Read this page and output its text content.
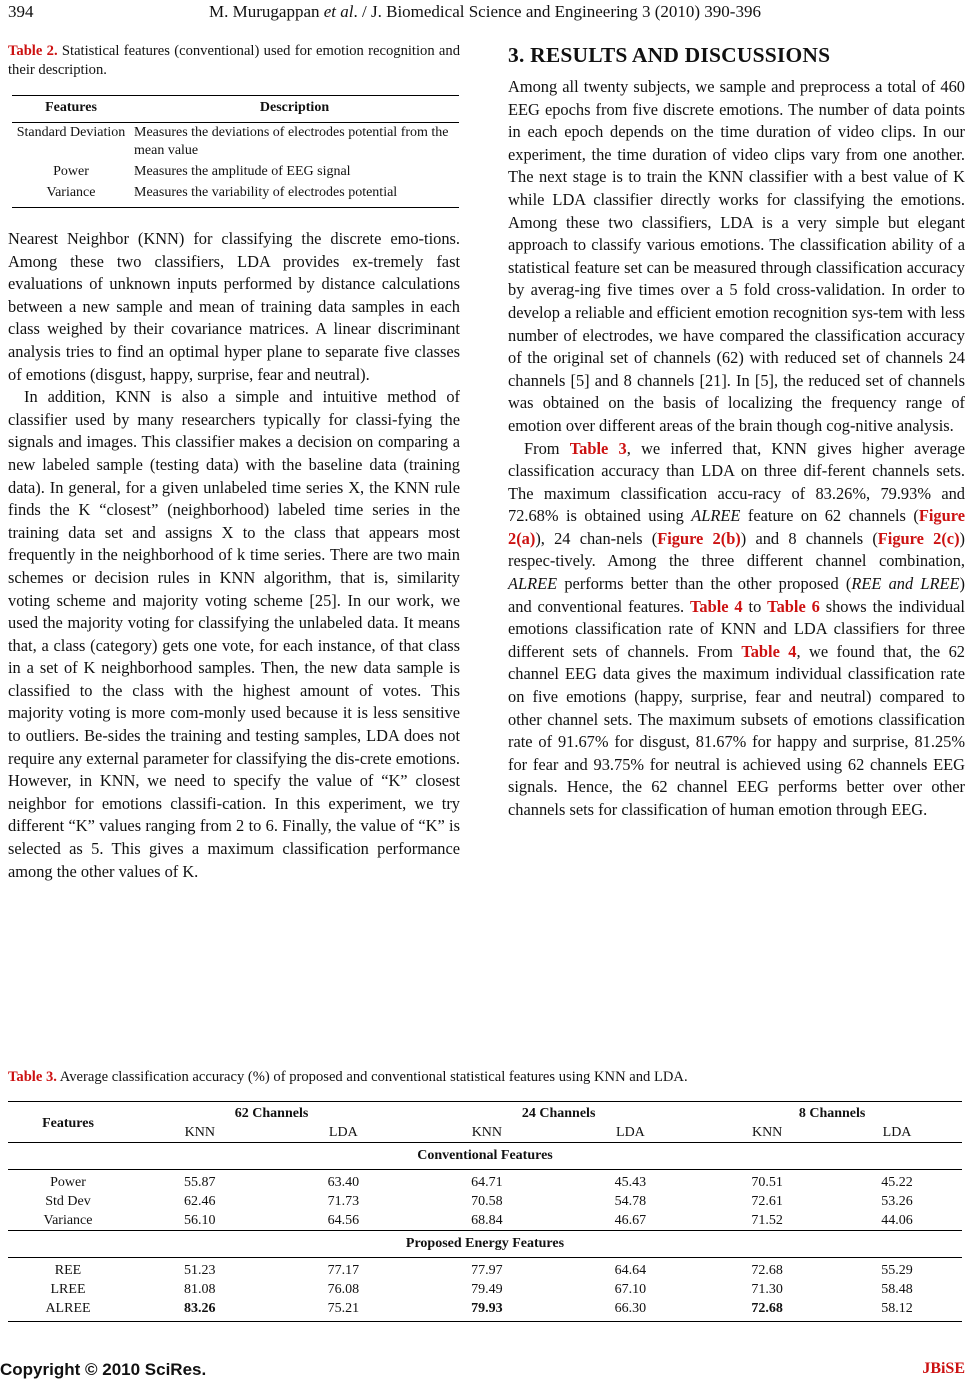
394	M. Murugappan et al. / J. Biomedical Science and Engineering 3 (2010) 390-396
Table 2. Statistical features (conventional) used for emotion recognition and their description.
Features	Description
Standard Deviation	Measures the deviations of electrodes potential from the mean value
Power	Measures the amplitude of EEG signal
Variance	Measures the variability of electrodes potential

Nearest Neighbor (KNN) for classifying the discrete emo-tions. Among these two classifiers, LDA provides ex-tremely fast evaluations of unknown inputs performed by distance calculations between a new sample and mean of training data samples in each class weighed by their covariance matrices. A linear discriminant analysis tries to find an optimal hyper plane to separate five classes of emotions (disgust, happy, surprise, fear and neutral).

In addition, KNN is also a simple and intuitive method of classifier used by many researchers typically for classi-fying the signals and images. This classifier makes a decision on comparing a new labeled sample (testing data) with the baseline data (training data). In general, for a given unlabeled time series X, the KNN rule finds the K “closest” (neighborhood) labeled time series in the training data set and assigns X to the class that appears most frequently in the neighborhood of k time series. There are two main schemes or decision rules in KNN algorithm, that is, similarity voting scheme and majority voting scheme [25]. In our work, we used the majority voting for classifying the unlabeled data. It means that, a class (category) gets one vote, for each instance, of that class in a set of K neighborhood samples. Then, the new data sample is classified to the class with the highest amount of votes. This majority voting is more com-monly used because it is less sensitive to outliers. Be-sides the training and testing samples, LDA does not require any external parameter for classifying the dis-crete emotions. However, in KNN, we need to specify the value of “K” closest neighbor for emotions classifi-cation. In this experiment, we try different “K” values ranging from 2 to 6. Finally, the value of “K” is selected as 5. This gives a maximum classification performance among the other values of K.

3. RESULTS AND DISCUSSIONS

Among all twenty subjects, we sample and preprocess a total of 460 EEG epochs from five discrete emotions. The number of data points in each epoch depends on the time duration of video clips. In our experiment, the time duration of video clips vary from one another. The next stage is to train the KNN classifier with a best value of K while LDA classifier directly works for classifying the emotions. Among these two classifiers, LDA is a very simple but elegant approach to classify various emotions. The classification ability of a statistical feature set can be measured through classification accuracy by averag-ing five times over a 5 fold cross-validation. In order to develop a reliable and efficient emotion recognition sys-tem with less number of electrodes, we have compared the classification accuracy of the original set of channels (62) with reduced set of channels 24 channels [5] and 8 channels [21]. In [5], the reduced set of channels was obtained on the basis of localizing the frequency range of emotion over different areas of the brain though cog-nitive analysis.

From Table 3, we inferred that, KNN gives higher average classification accuracy than LDA on three dif-ferent channels sets. The maximum classification accu-racy of 83.26%, 79.93% and 72.68% is obtained using ALREE feature on 62 channels (Figure 2(a)), 24 chan-nels (Figure 2(b)) and 8 channels (Figure 2(c)) respec-tively. Among the three different channel combination, ALREE performs better than the other proposed (REE and LREE) and conventional features. Table 4 to Table 6 shows the individual emotions classification rate of KNN and LDA classifiers for three different sets of channels. From Table 4, we found that, the 62 channel EEG data gives the maximum individual classification rate on five emotions (happy, surprise, fear and neutral) compared to other channel sets. The maximum subsets of emotions classification rate of 91.67% for disgust, 81.67% for happy and surprise, 81.25% for fear and 93.75% for neutral is achieved using 62 channels EEG signals. Hence, the 62 channel EEG performs better over other channels sets for classification of human emotion through EEG.

Table 3. Average classification accuracy (%) of proposed and conventional statistical features using KNN and LDA.
Features	62 Channels		24 Channels		8 Channels	
	KNN	LDA	KNN	LDA	KNN	LDA
Conventional Features						
Power	55.87	63.40	64.71	45.43	70.51	45.22
Std Dev	62.46	71.73	70.58	54.78	72.61	53.26
Variance	56.10	64.56	68.84	46.67	71.52	44.06
Proposed Energy Features						
REE	51.23	77.17	77.97	64.64	72.68	55.29
LREE	81.08	76.08	79.49	67.10	71.30	58.48
ALREE	83.26	75.21	79.93	66.30	72.68	58.12
Copyright © 2010 SciRes.	JBiSE
